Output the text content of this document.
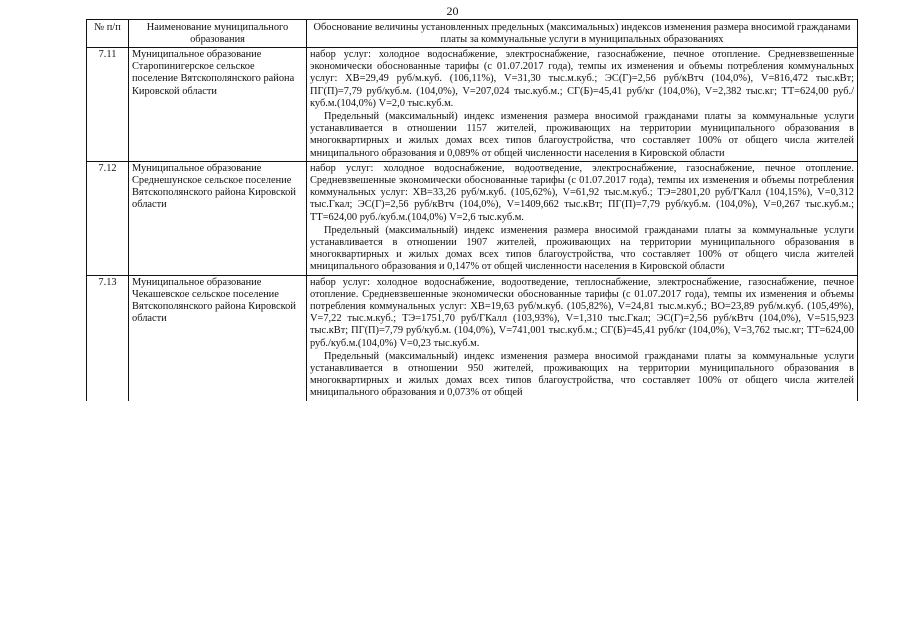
20
№ п/п	Наименование муниципального образования	Обоснование величины установленных предельных (максимальных) индексов изменения размера вносимой гражданами платы за коммунальные услуги в муниципальных образованиях
7.11	Муниципальное образование Старопинигерское сельское поселение Вятскополянского района Кировской области	набор услуг: холодное водоснабжение, электроснабжение, газоснабжение, печное отопление. Средневзвешенные экономически обоснованные тарифы (с 01.07.2017 года), темпы их изменения и объемы потребления коммунальных услуг: ХВ=29,49 руб/м.куб. (106,11%), V=31,30 тыс.м.куб.; ЭС(Г)=2,56 руб/кВтч (104,0%), V=816,472 тыс.кВт; ПГ(П)=7,79 руб/куб.м. (104,0%), V=207,024 тыс.куб.м.; СГ(Б)=45,41 руб/кг (104,0%), V=2,382 тыс.кг; ТТ=624,00 руб./куб.м.(104,0%) V=2,0 тыс.куб.м.

Предельный (максимальный) индекс изменения размера вносимой гражданами платы за коммунальные услуги устанавливается в отношении 1157 жителей, проживающих на территории муниципального образования в многоквартирных и жилых домах всех типов благоустройства, что составляет 100% от общего числа жителей мниципального образования и 0,089% от общей численности населения в Кировской области

7.12	Муниципальное образование Среднешунское сельское поселение Вятскополянского района Кировской области	набор услуг: холодное водоснабжение, водоотведение, электроснабжение, газоснабжение, печное отопление. Средневзвешенные экономически обоснованные тарифы (с 01.07.2017 года), темпы их изменения и объемы потребления коммунальных услуг: ХВ=33,26 руб/м.куб. (105,62%), V=61,92 тыс.м.куб.; ТЭ=2801,20 руб/ГКалл (104,15%), V=0,312 тыс.Гкал; ЭС(Г)=2,56 руб/кВтч (104,0%), V=1409,662 тыс.кВт; ПГ(П)=7,79 руб/куб.м. (104,0%), V=0,267 тыс.куб.м.; ТТ=624,00 руб./куб.м.(104,0%) V=2,6 тыс.куб.м.

Предельный (максимальный) индекс изменения размера вносимой гражданами платы за коммунальные услуги устанавливается в отношении 1907 жителей, проживающих на территории муниципального образования в многоквартирных и жилых домах всех типов благоустройства, что составляет 100% от общего числа жителей мниципального образования и 0,147% от общей численности населения в Кировской области

7.13	Муниципальное образование Чекашевское сельское поселение Вятскополянского района Кировской области	набор услуг: холодное водоснабжение, водоотведение, теплоснабжение, электроснабжение, газоснабжение, печное отопление. Средневзвешенные экономически обоснованные тарифы (с 01.07.2017 года), темпы их изменения и объемы потребления коммунальных услуг: ХВ=19,63 руб/м.куб. (105,82%), V=24,81 тыс.м.куб.; ВО=23,89 руб/м.куб. (105,49%), V=7,22 тыс.м.куб.; ТЭ=1751,70 руб/ГКалл (103,93%), V=1,310 тыс.Гкал; ЭС(Г)=2,56 руб/кВтч (104,0%), V=515,923 тыс.кВт; ПГ(П)=7,79 руб/куб.м. (104,0%), V=741,001 тыс.куб.м.; СГ(Б)=45,41 руб/кг (104,0%), V=3,762 тыс.кг; ТТ=624,00 руб./куб.м.(104,0%) V=0,23 тыс.куб.м.

Предельный (максимальный) индекс изменения размера вносимой гражданами платы за коммунальные услуги устанавливается в отношении 950 жителей, проживающих на территории муниципального образования в многоквартирных и жилых домах всех типов благоустройства, что составляет 100% от общего числа жителей мниципального образования и 0,073% от общей
